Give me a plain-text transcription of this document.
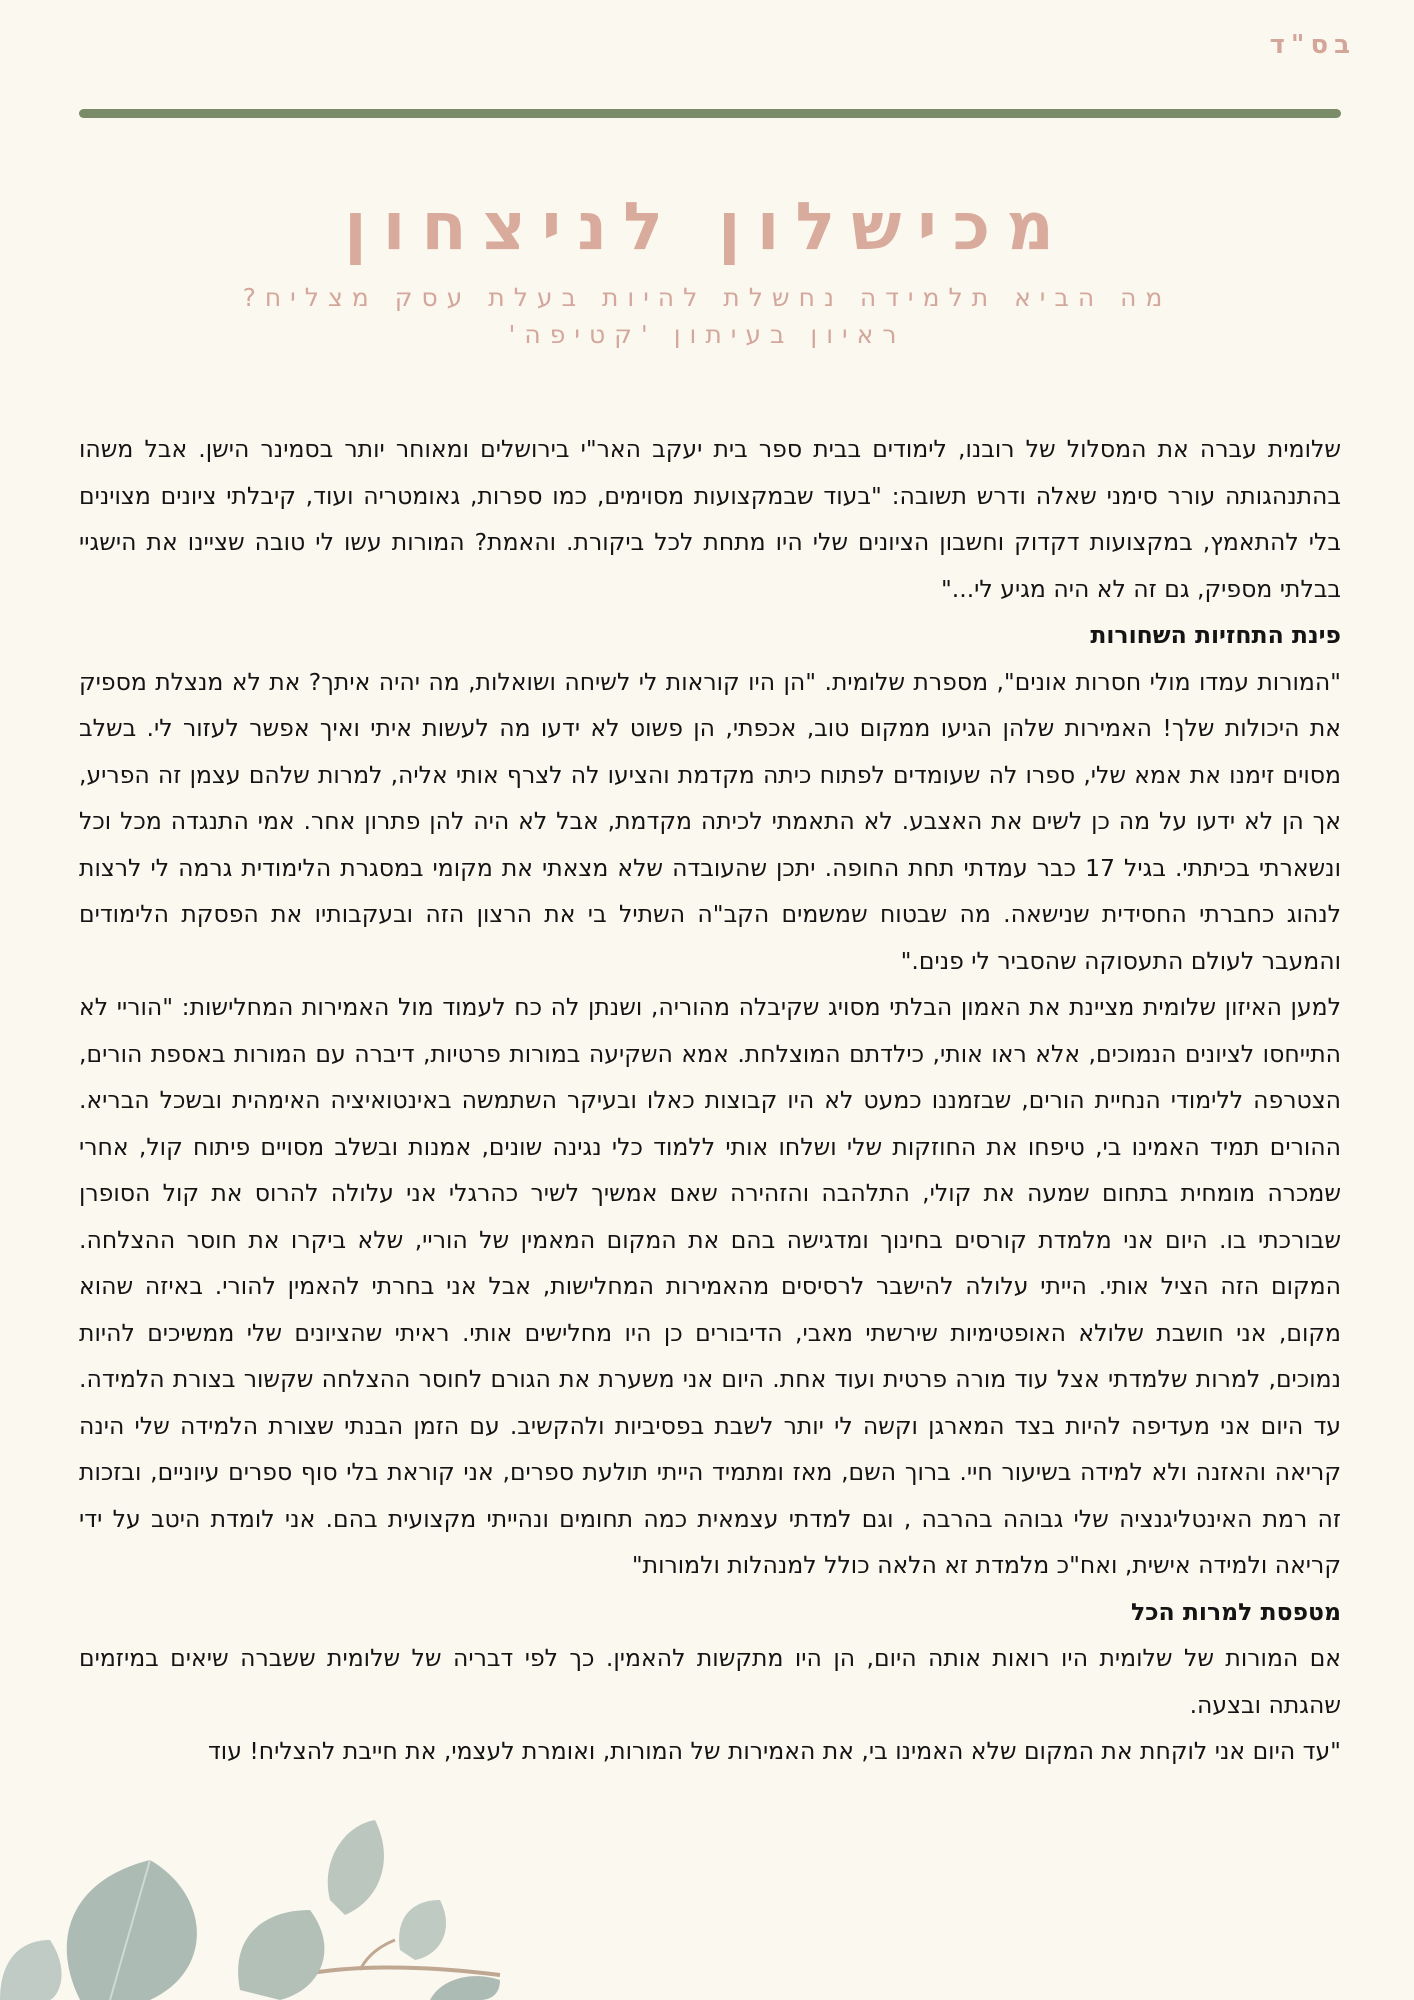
בס"ד
מכישלון לניצחון
מה הביא תלמידה נחשלת להיות בעלת עסק מצליח?
ראיון בעיתון 'קטיפה'

שלומית עברה את המסלול של רובנו, לימודים בבית ספר בית יעקב האר"י בירושלים ומאוחר יותר בסמינר הישן. אבל משהו בהתנהגותה עורר סימני שאלה ודרש תשובה: "בעוד שבמקצועות מסוימים, כמו ספרות, גאומטריה ועוד, קיבלתי ציונים מצוינים בלי להתאמץ, במקצועות דקדוק וחשבון הציונים שלי היו מתחת לכל ביקורת. והאמת? המורות עשו לי טובה שציינו את הישגיי בבלתי מספיק, גם זה לא היה מגיע לי..."

פינת התחזיות השחורות

"המורות עמדו מולי חסרות אונים", מספרת שלומית. "הן היו קוראות לי לשיחה ושואלות, מה יהיה איתך? את לא מנצלת מספיק את היכולות שלך! האמירות שלהן הגיעו ממקום טוב, אכפתי, הן פשוט לא ידעו מה לעשות איתי ואיך אפשר לעזור לי. בשלב מסוים זימנו את אמא שלי, ספרו לה שעומדים לפתוח כיתה מקדמת והציעו לה לצרף אותי אליה, למרות שלהם עצמן זה הפריע, אך הן לא ידעו על מה כן לשים את האצבע. לא התאמתי לכיתה מקדמת, אבל לא היה להן פתרון אחר. אמי התנגדה מכל וכל ונשארתי בכיתתי. בגיל 17 כבר עמדתי תחת החופה. יתכן שהעובדה שלא מצאתי את מקומי במסגרת הלימודית גרמה לי לרצות לנהוג כחברתי החסידית שנישאה. מה שבטוח שמשמים הקב"ה השתיל בי את הרצון הזה ובעקבותיו את הפסקת הלימודים והמעבר לעולם התעסוקה שהסביר לי פנים."

למען האיזון שלומית מציינת את האמון הבלתי מסויג שקיבלה מהוריה, ושנתן לה כח לעמוד מול האמירות המחלישות: "הוריי לא התייחסו לציונים הנמוכים, אלא ראו אותי, כילדתם המוצלחת. אמא השקיעה במורות פרטיות, דיברה עם המורות באספת הורים, הצטרפה ללימודי הנחיית הורים, שבזמננו כמעט לא היו קבוצות כאלו ובעיקר השתמשה באינטואיציה האימהית ובשכל הבריא. ההורים תמיד האמינו בי, טיפחו את החוזקות שלי ושלחו אותי ללמוד כלי נגינה שונים, אמנות ובשלב מסויים פיתוח קול, אחרי שמכרה מומחית בתחום שמעה את קולי, התלהבה והזהירה שאם אמשיך לשיר כהרגלי אני עלולה להרוס את קול הסופרן שבורכתי בו. היום אני מלמדת קורסים בחינוך ומדגישה בהם את המקום המאמין של הוריי, שלא ביקרו את חוסר ההצלחה. המקום הזה הציל אותי. הייתי עלולה להישבר לרסיסים מהאמירות המחלישות, אבל אני בחרתי להאמין להורי. באיזה שהוא מקום, אני חושבת שלולא האופטימיות שירשתי מאבי, הדיבורים כן היו מחלישים אותי. ראיתי שהציונים שלי ממשיכים להיות נמוכים, למרות שלמדתי אצל עוד מורה פרטית ועוד אחת. היום אני משערת את הגורם לחוסר ההצלחה שקשור בצורת הלמידה. עד היום אני מעדיפה להיות בצד המארגן וקשה לי יותר לשבת בפסיביות ולהקשיב. עם הזמן הבנתי שצורת הלמידה שלי הינה קריאה והאזנה ולא למידה בשיעור חיי. ברוך השם, מאז ומתמיד הייתי תולעת ספרים, אני קוראת בלי סוף ספרים עיוניים, ובזכות זה רמת האינטליגנציה שלי גבוהה בהרבה , וגם למדתי עצמאית כמה תחומים ונהייתי מקצועית בהם. אני לומדת היטב על ידי קריאה ולמידה אישית, ואח"כ מלמדת זא הלאה כולל למנהלות ולמורות"

מטפסת למרות הכל

אם המורות של שלומית היו רואות אותה היום, הן היו מתקשות להאמין. כך לפי דבריה של שלומית ששברה שיאים במיזמים שהגתה ובצעה.

"עד היום אני לוקחת את המקום שלא האמינו בי, את האמירות של המורות, ואומרת לעצמי, את חייבת להצליח! עוד
